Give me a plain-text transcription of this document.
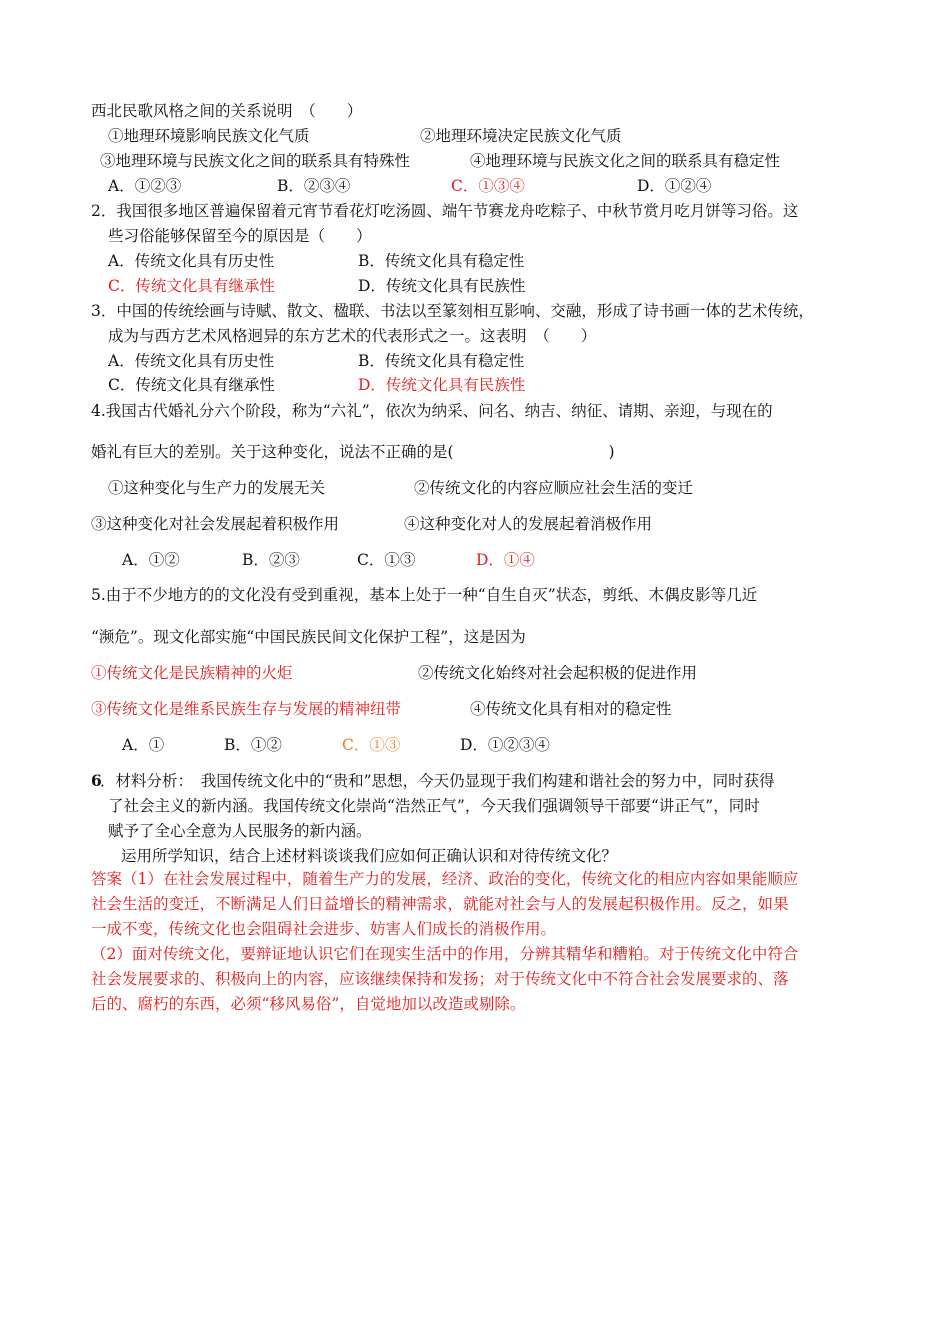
西北民歌风格之间的关系说明　（　　）
①地理环境影响民族文化气质	②地理环境决定民族文化气质
③地理环境与民族文化之间的联系具有特殊性	④地理环境与民族文化之间的联系具有稳定性
A．①②③	B．②③④	C．①③④	D．①②④
2．我国很多地区普遍保留着元宵节看花灯吃汤圆、端午节赛龙舟吃粽子、中秋节赏月吃月饼等习俗。这
些习俗能够保留至今的原因是（　　）
A．传统文化具有历史性	B．传统文化具有稳定性
C．传统文化具有继承性	D．传统文化具有民族性
3．中国的传统绘画与诗赋、散文、楹联、书法以至篆刻相互影响、交融，形成了诗书画一体的艺术传统，
成为与西方艺术风格迥异的东方艺术的代表形式之一。这表明　（　　）
A．传统文化具有历史性	B．传统文化具有稳定性
C．传统文化具有继承性	D．传统文化具有民族性
4.我国古代婚礼分六个阶段，称为“六礼”，依次为纳采、问名、纳吉、纳征、请期、亲迎，与现在的
婚礼有巨大的差别。关于这种变化，说法不正确的是(　　　　　　　　　　)
①这种变化与生产力的发展无关	②传统文化的内容应顺应社会生活的变迁
③这种变化对社会发展起着积极作用	④这种变化对人的发展起着消极作用
A．①②	B．②③	C．①③	D．①④
5.由于不少地方的的文化没有受到重视，基本上处于一种“自生自灭”状态，剪纸、木偶皮影等几近
“濒危”。现文化部实施“中国民族民间文化保护工程”，这是因为
①传统文化是民族精神的火炬	②传统文化始终对社会起积极的促进作用
③传统文化是维系民族生存与发展的精神纽带	④传统文化具有相对的稳定性
A．①	B．①②	C．①③	D．①②③④
6
．材料分析：　我国传统文化中的“贵和”思想，今天仍显现于我们构建和谐社会的努力中，同时获得
了社会主义的新内涵。我国传统文化崇尚“浩然正气”，今天我们强调领导干部要“讲正气”，同时
赋予了全心全意为人民服务的新内涵。
运用所学知识，结合上述材料谈谈我们应如何正确认识和对待传统文化？
答案（1）在社会发展过程中，随着生产力的发展，经济、政治的变化，传统文化的相应内容如果能顺应
社会生活的变迁，不断满足人们日益增长的精神需求，就能对社会与人的发展起积极作用。反之，如果
一成不变，传统文化也会阻碍社会进步、妨害人们成长的消极作用。
（2）面对传统文化，要辩证地认识它们在现实生活中的作用，分辨其精华和糟粕。对于传统文化中符合
社会发展要求的、积极向上的内容，应该继续保持和发扬；对于传统文化中不符合社会发展要求的、落
后的、腐朽的东西，必须“移风易俗”，自觉地加以改造或剔除。
